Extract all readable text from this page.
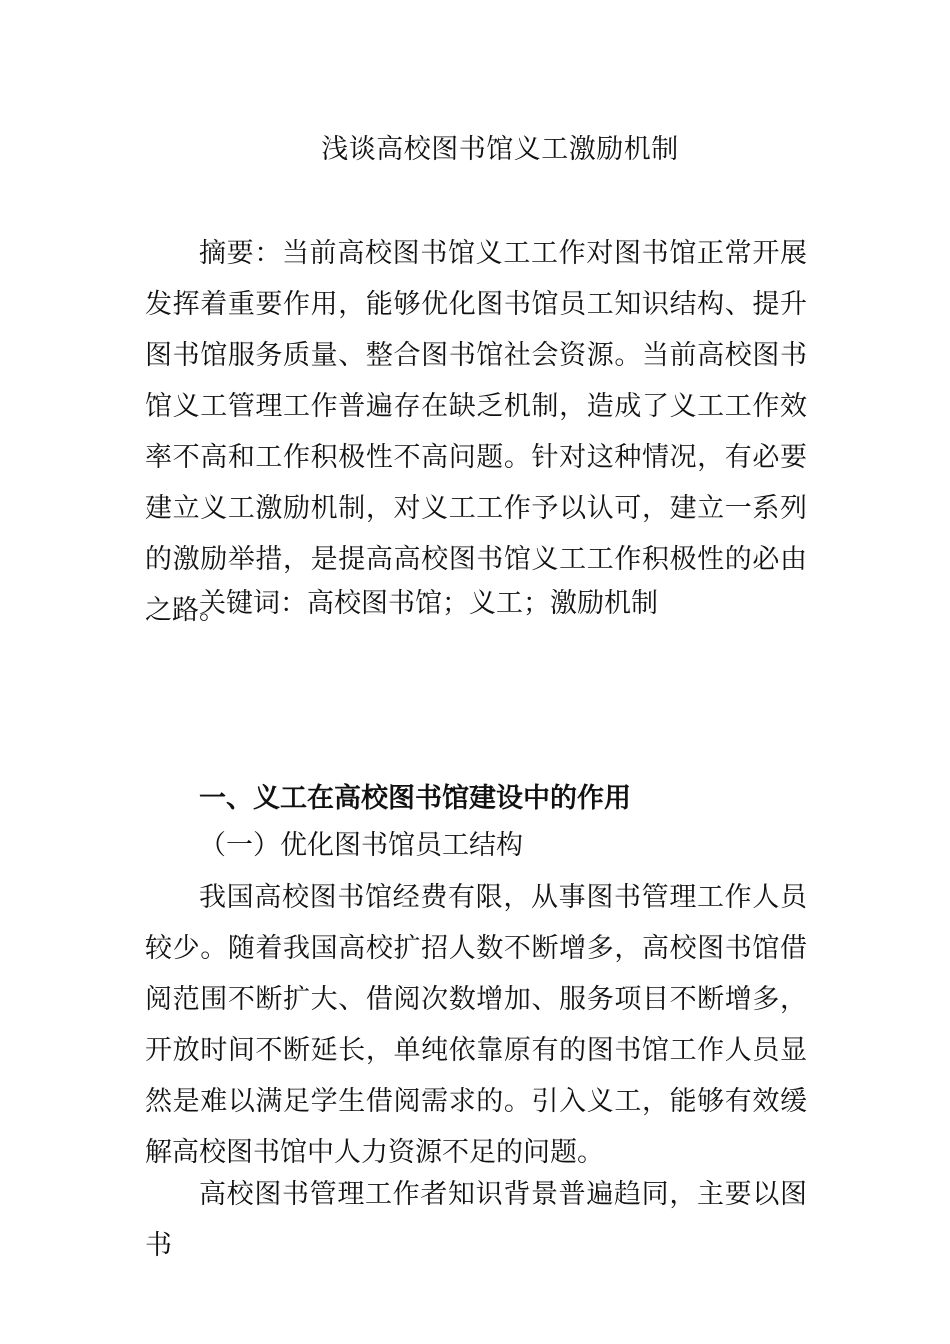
浅谈高校图书馆义工激励机制

摘要：当前高校图书馆义工工作对图书馆正常开展发挥着重要作用，能够优化图书馆员工知识结构、提升图书馆服务质量、整合图书馆社会资源。当前高校图书馆义工管理工作普遍存在缺乏机制，造成了义工工作效率不高和工作积极性不高问题。针对这种情况，有必要建立义工激励机制，对义工工作予以认可，建立一系列的激励举措，是提高高校图书馆义工工作积极性的必由之路。

关键词：高校图书馆；义工；激励机制

一、义工在高校图书馆建设中的作用
（一）优化图书馆员工结构

我国高校图书馆经费有限，从事图书管理工作人员较少。随着我国高校扩招人数不断增多，高校图书馆借阅范围不断扩大、借阅次数增加、服务项目不断增多，开放时间不断延长，单纯依靠原有的图书馆工作人员显然是难以满足学生借阅需求的。引入义工，能够有效缓解高校图书馆中人力资源不足的问题。

高校图书管理工作者知识背景普遍趋同，主要以图书
